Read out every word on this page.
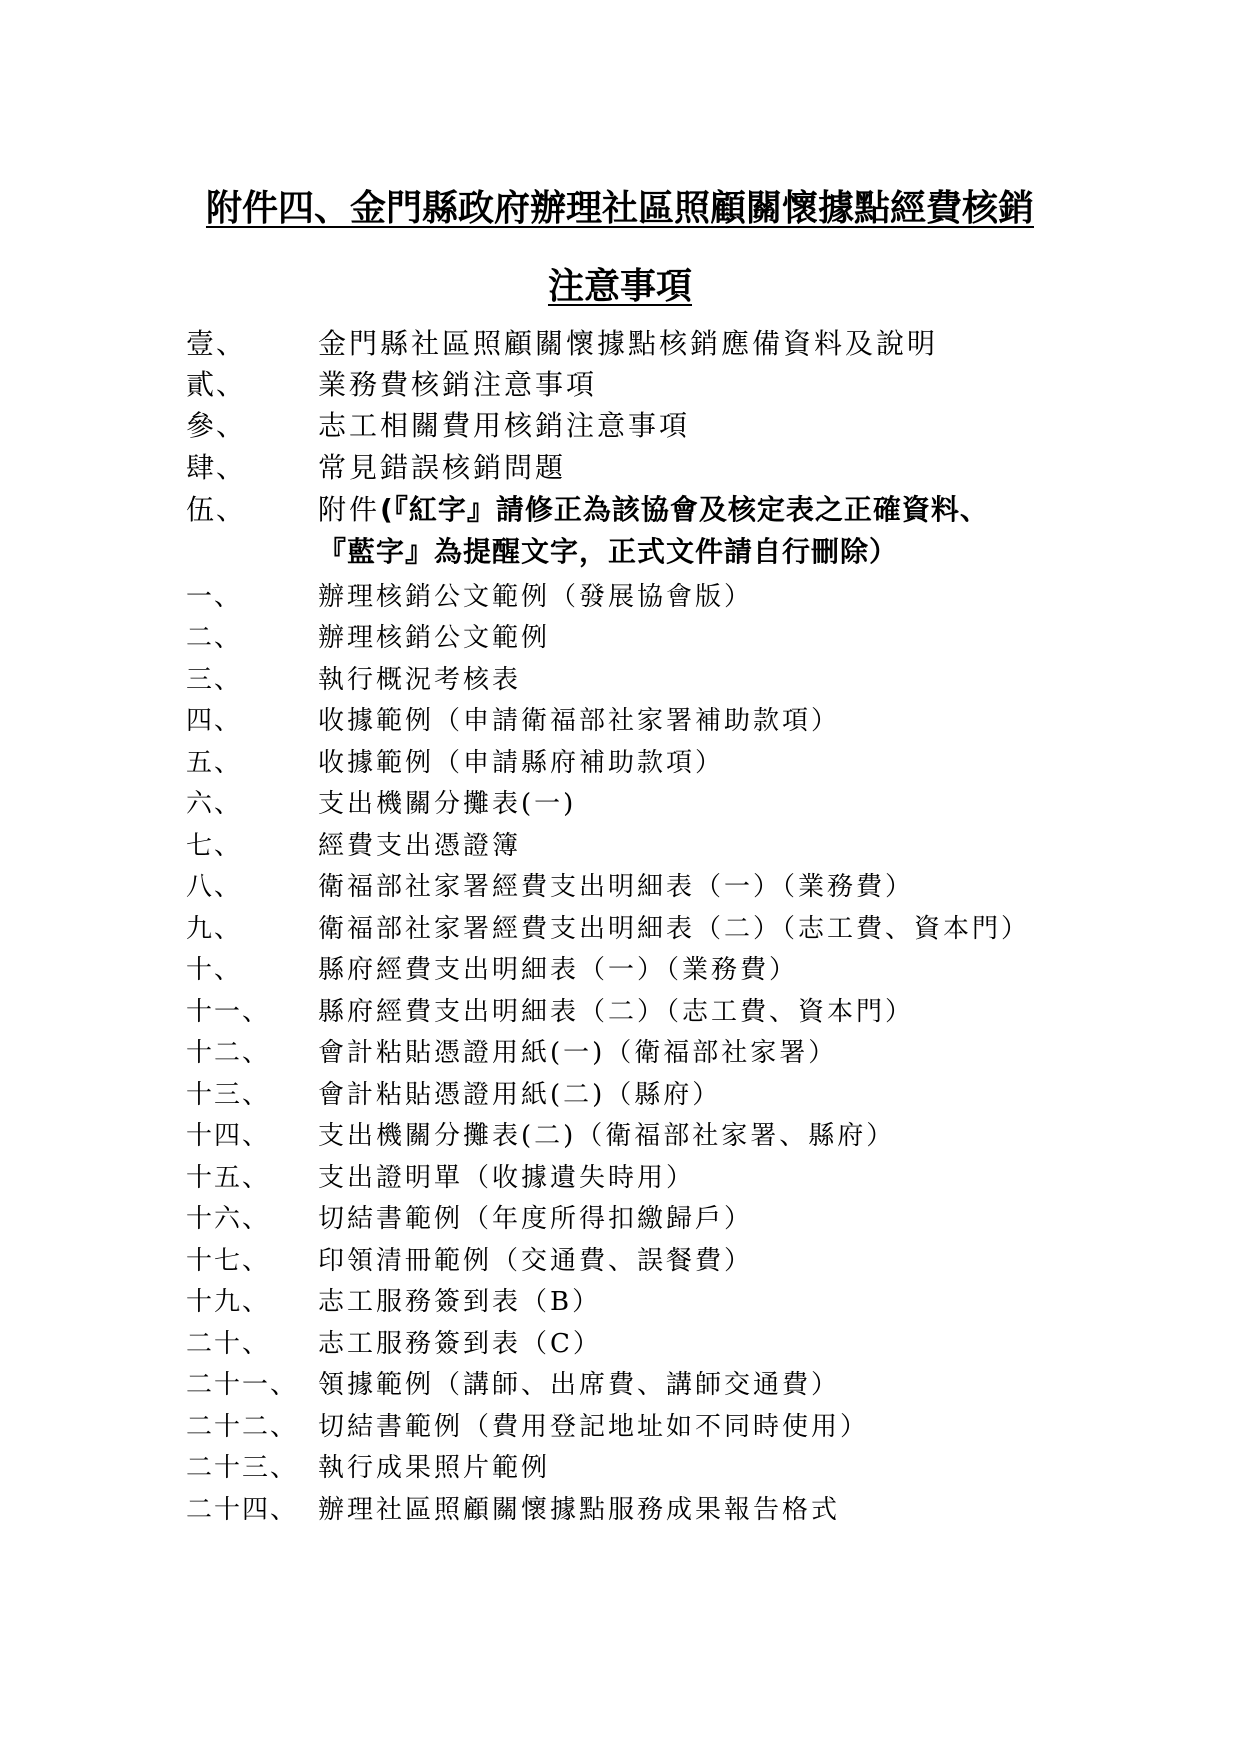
附件四、金門縣政府辦理社區照顧關懷據點經費核銷
注意事項
壹、	金門縣社區照顧關懷據點核銷應備資料及說明
貳、	業務費核銷注意事項
參、	志工相關費用核銷注意事項
肆、	常見錯誤核銷問題
伍、	附件(『紅字』請修正為該協會及核定表之正確資料、
『藍字』為提醒文字，正式文件請自行刪除）
一、	辦理核銷公文範例（發展協會版）
二、	辦理核銷公文範例
三、	執行概況考核表
四、	收據範例（申請衛福部社家署補助款項）
五、	收據範例（申請縣府補助款項）
六、	支出機關分攤表(一)
七、	經費支出憑證簿
八、	衛福部社家署經費支出明細表（一）（業務費）
九、	衛福部社家署經費支出明細表（二）（志工費、資本門）
十、	縣府經費支出明細表（一）（業務費）
十一、 縣府經費支出明細表（二）（志工費、資本門）
十二、 會計粘貼憑證用紙(一)（衛福部社家署）
十三、 會計粘貼憑證用紙(二)（縣府）
十四、 支出機關分攤表(二)（衛福部社家署、縣府）
十五、 支出證明單（收據遺失時用）
十六、 切結書範例（年度所得扣繳歸戶）
十七、 印領清冊範例（交通費、誤餐費）
十九、 志工服務簽到表（B）
二十、 志工服務簽到表（C）
二十一、 領據範例（講師、出席費、講師交通費）
二十二、 切結書範例（費用登記地址如不同時使用）
二十三、 執行成果照片範例
二十四、 辦理社區照顧關懷據點服務成果報告格式
